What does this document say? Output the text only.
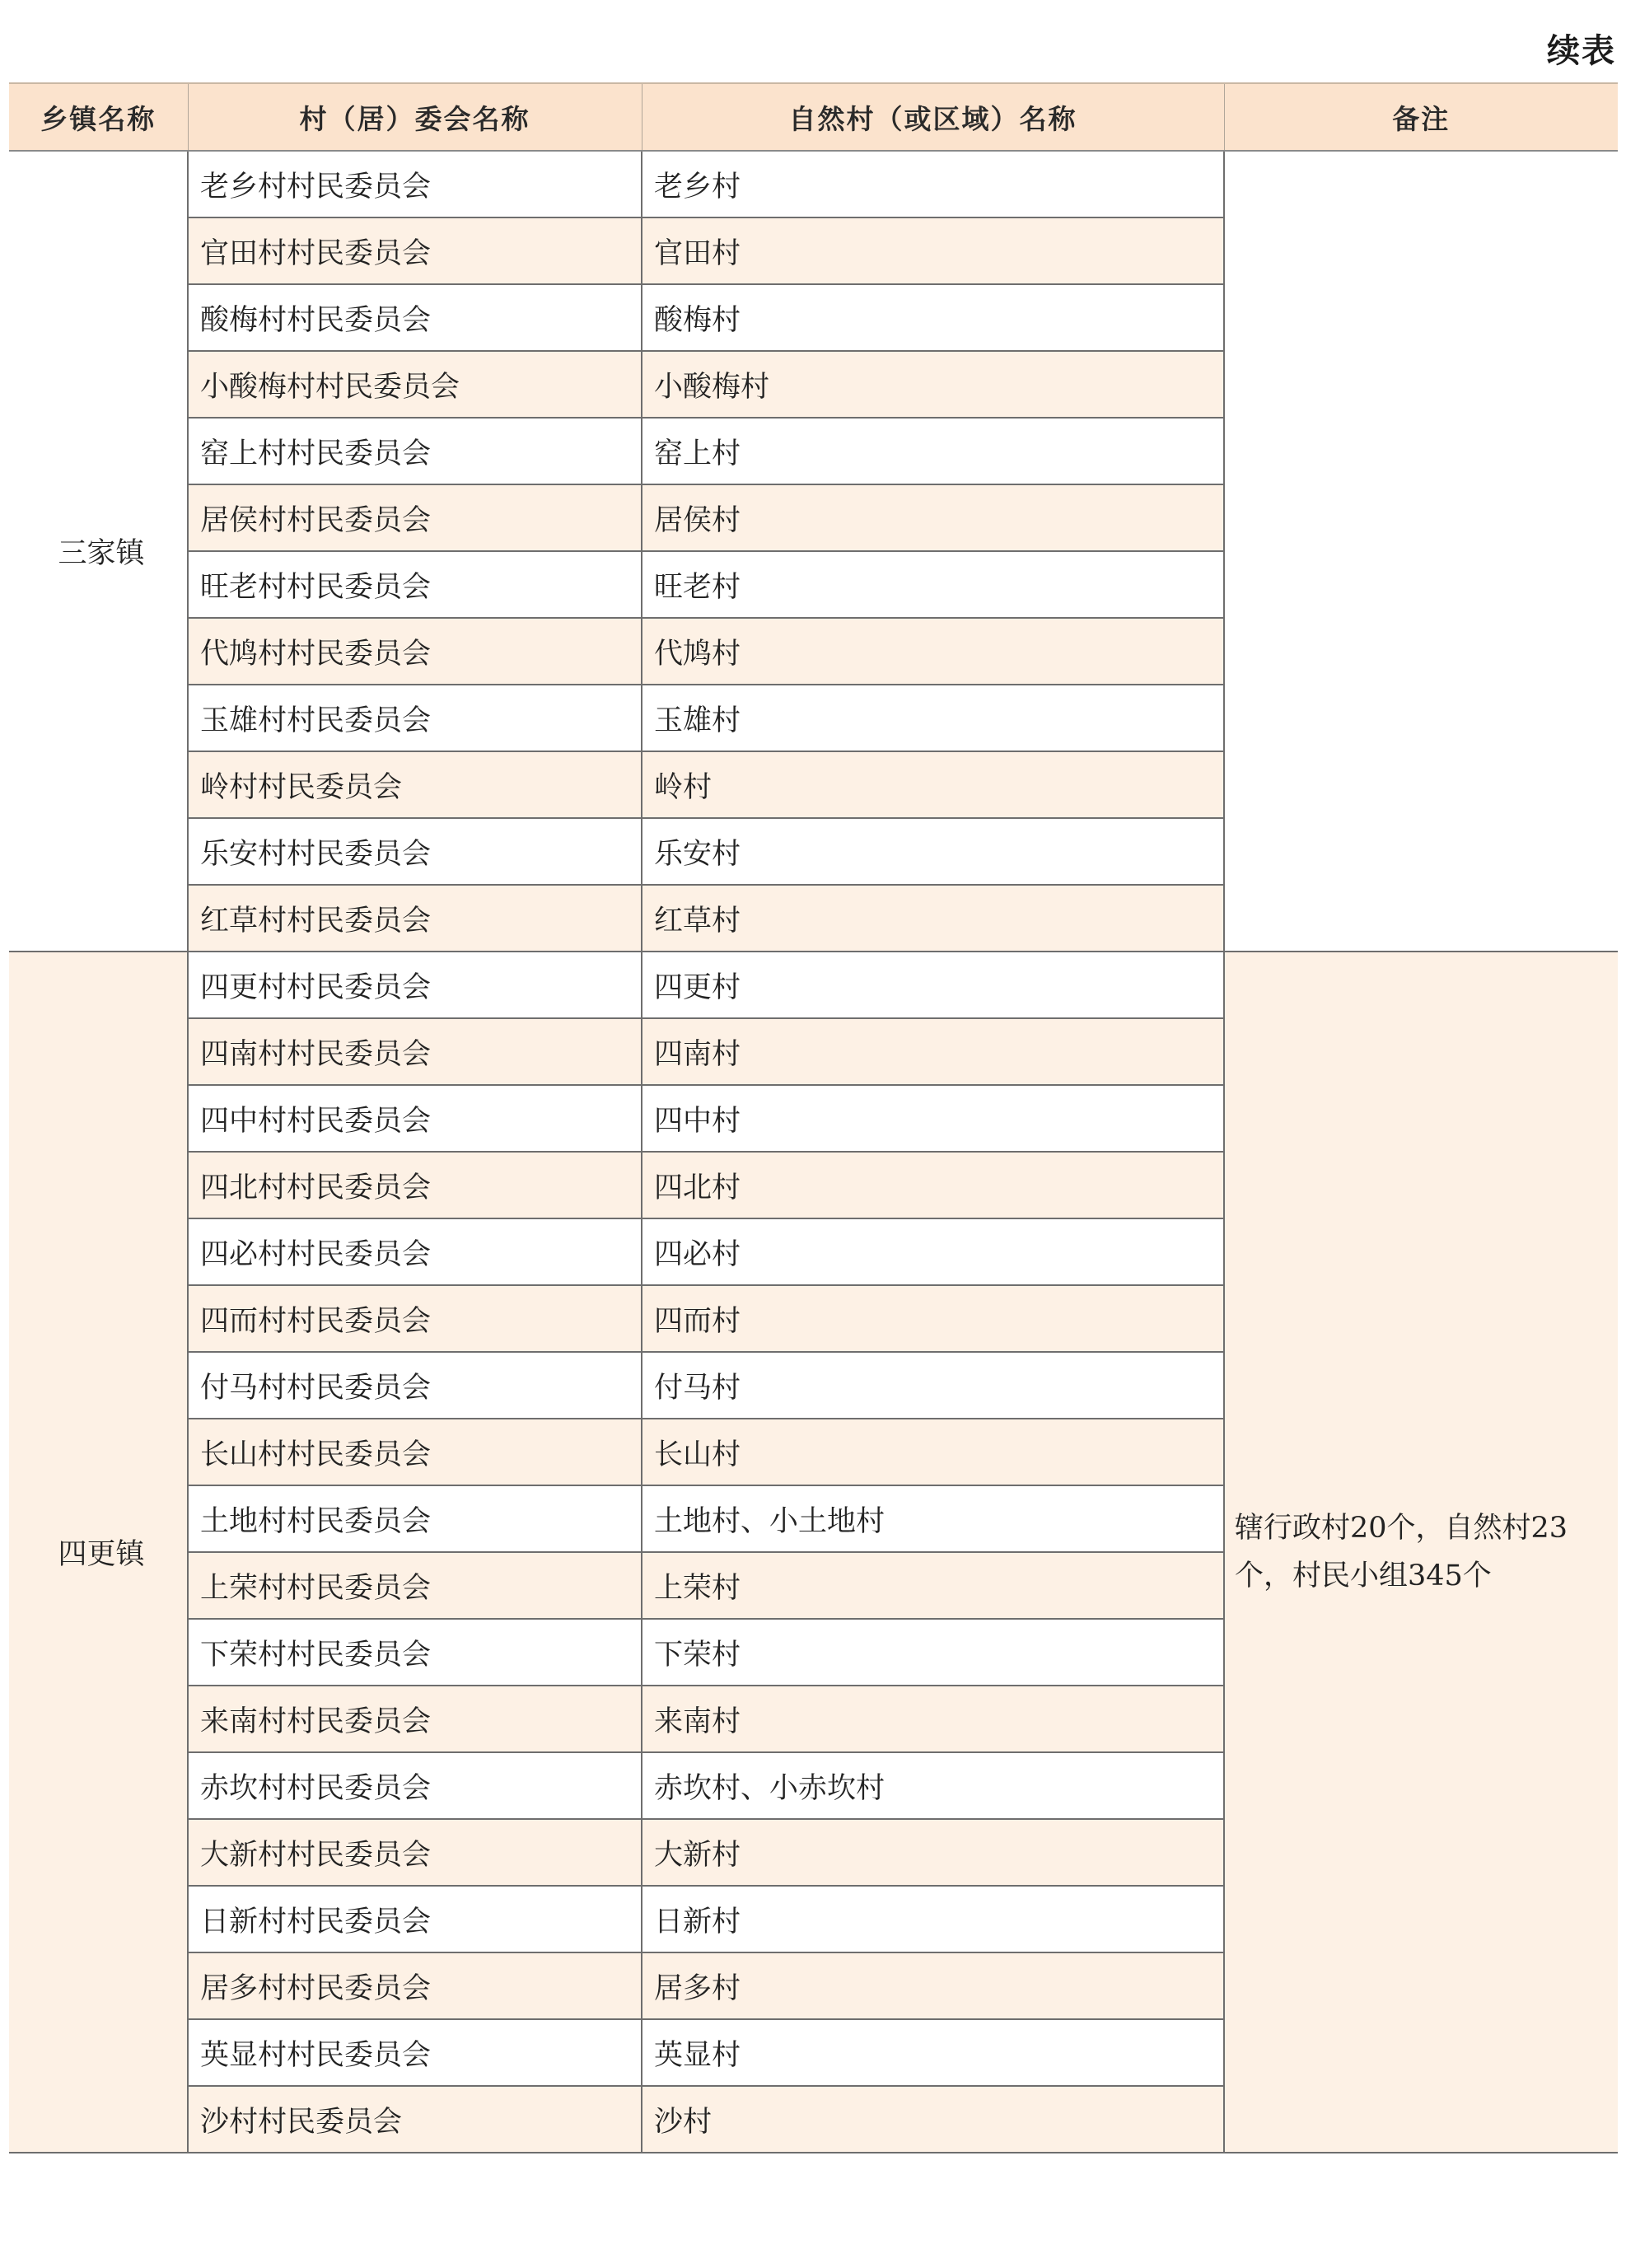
续表
乡镇名称	村（居）委会名称	自然村（或区域）名称	备注
三家镇	老乡村村民委员会	老乡村	
	官田村村民委员会	官田村	
	酸梅村村民委员会	酸梅村	
	小酸梅村村民委员会	小酸梅村	
	窑上村村民委员会	窑上村	
	居侯村村民委员会	居侯村	
	旺老村村民委员会	旺老村	
	代鸠村村民委员会	代鸠村	
	玉雄村村民委员会	玉雄村	
	岭村村民委员会	岭村	
	乐安村村民委员会	乐安村	
	红草村村民委员会	红草村	
四更镇	四更村村民委员会	四更村	辖行政村20个，自然村23个，村民小组345个
	四南村村民委员会	四南村	
	四中村村民委员会	四中村	
	四北村村民委员会	四北村	
	四必村村民委员会	四必村	
	四而村村民委员会	四而村	
	付马村村民委员会	付马村	
	长山村村民委员会	长山村	
	土地村村民委员会	土地村、小土地村	
	上荣村村民委员会	上荣村	
	下荣村村民委员会	下荣村	
	来南村村民委员会	来南村	
	赤坎村村民委员会	赤坎村、小赤坎村	
	大新村村民委员会	大新村	
	日新村村民委员会	日新村	
	居多村村民委员会	居多村	
	英显村村民委员会	英显村	
	沙村村民委员会	沙村	
